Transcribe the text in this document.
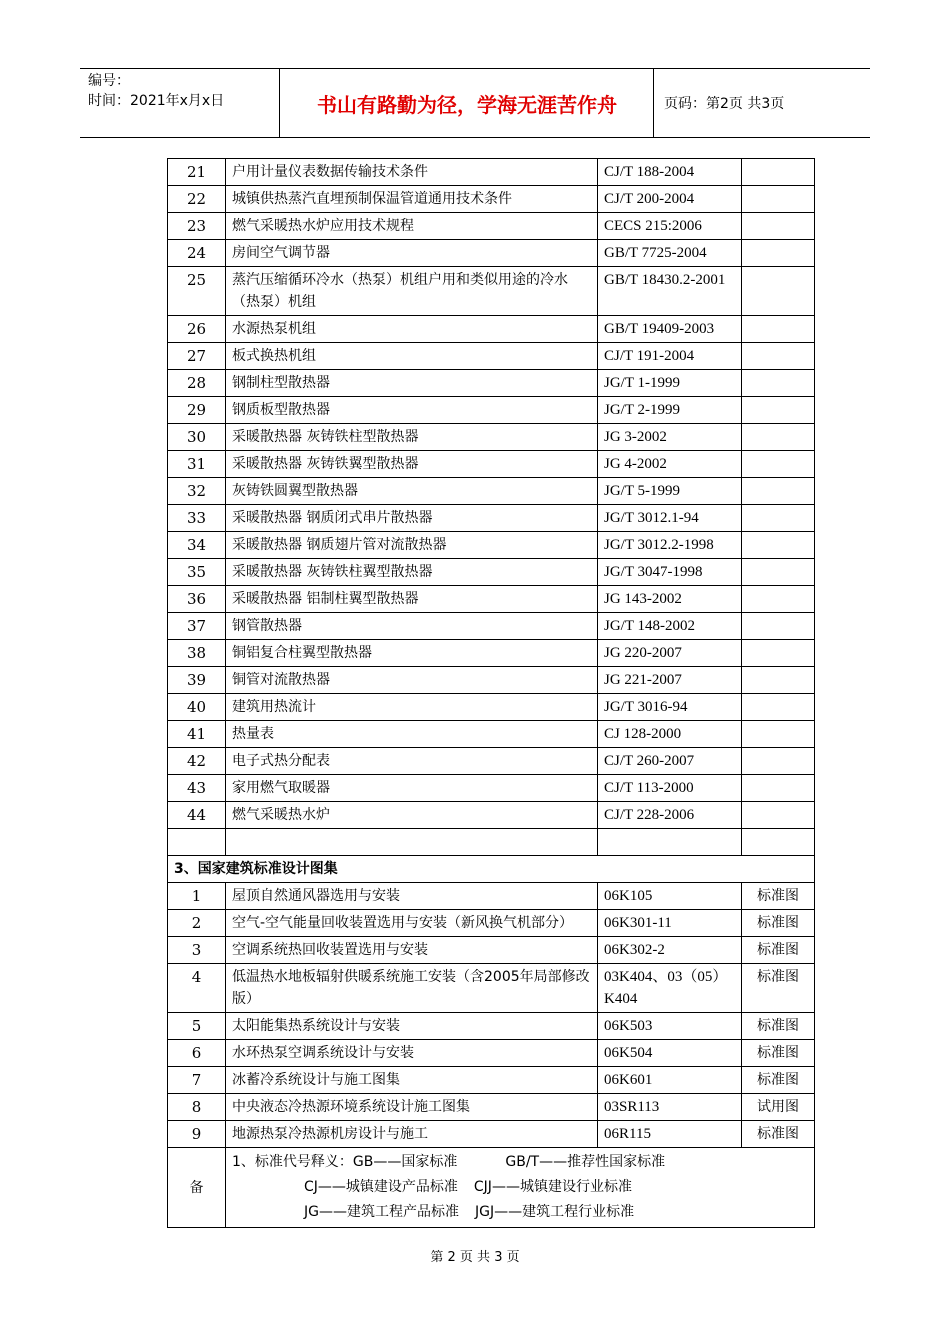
编号：
时间：2021年x月x日	书山有路勤为径，学海无涯苦作舟	页码：第2页 共3页
21	户用计量仪表数据传输技术条件	CJ/T 188-2004	
22	城镇供热蒸汽直埋预制保温管道通用技术条件	CJ/T 200-2004	
23	燃气采暖热水炉应用技术规程	CECS 215:2006	
24	房间空气调节器	GB/T 7725-2004	
25	蒸汽压缩循环冷水（热泵）机组户用和类似用途的冷水（热泵）机组	GB/T 18430.2-2001	
26	水源热泵机组	GB/T 19409-2003	
27	板式换热机组	CJ/T 191-2004	
28	钢制柱型散热器	JG/T 1-1999	
29	钢质板型散热器	JG/T 2-1999	
30	采暖散热器 灰铸铁柱型散热器	JG 3-2002	
31	采暖散热器 灰铸铁翼型散热器	JG 4-2002	
32	灰铸铁圆翼型散热器	JG/T 5-1999	
33	采暖散热器 钢质闭式串片散热器	JG/T 3012.1-94	
34	采暖散热器 钢质翅片管对流散热器	JG/T 3012.2-1998	
35	采暖散热器 灰铸铁柱翼型散热器	JG/T 3047-1998	
36	采暖散热器 铝制柱翼型散热器	JG 143-2002	
37	钢管散热器	JG/T 148-2002	
38	铜铝复合柱翼型散热器	JG 220-2007	
39	铜管对流散热器	JG 221-2007	
40	建筑用热流计	JG/T 3016-94	
41	热量表	CJ 128-2000	
42	电子式热分配表	CJ/T 260-2007	
43	家用燃气取暖器	CJ/T 113-2000	
44	燃气采暖热水炉	CJ/T 228-2006	

3、国家建筑标准设计图集			
1	屋顶自然通风器选用与安装	06K105	标准图
2	空气-空气能量回收装置选用与安装（新风换气机部分）	06K301-11	标准图
3	空调系统热回收装置选用与安装	06K302-2	标准图
4	低温热水地板辐射供暖系统施工安装（含2005年局部修改版）	03K404、03（05）K404	标准图
5	太阳能集热系统设计与安装	06K503	标准图
6	水环热泵空调系统设计与安装	06K504	标准图
7	冰蓄冷系统设计与施工图集	06K601	标准图
8	中央液态冷热源环境系统设计施工图集	03SR113	试用图
9	地源热泵冷热源机房设计与施工	06R115	标准图
备	1、标准代号释义：GB——国家标准 GB/T——推荐性国家标准
CJ——城镇建设产品标准 CJJ——城镇建设行业标准
JG——建筑工程产品标准 JGJ——建筑工程行业标准		
第 2 页 共 3 页
